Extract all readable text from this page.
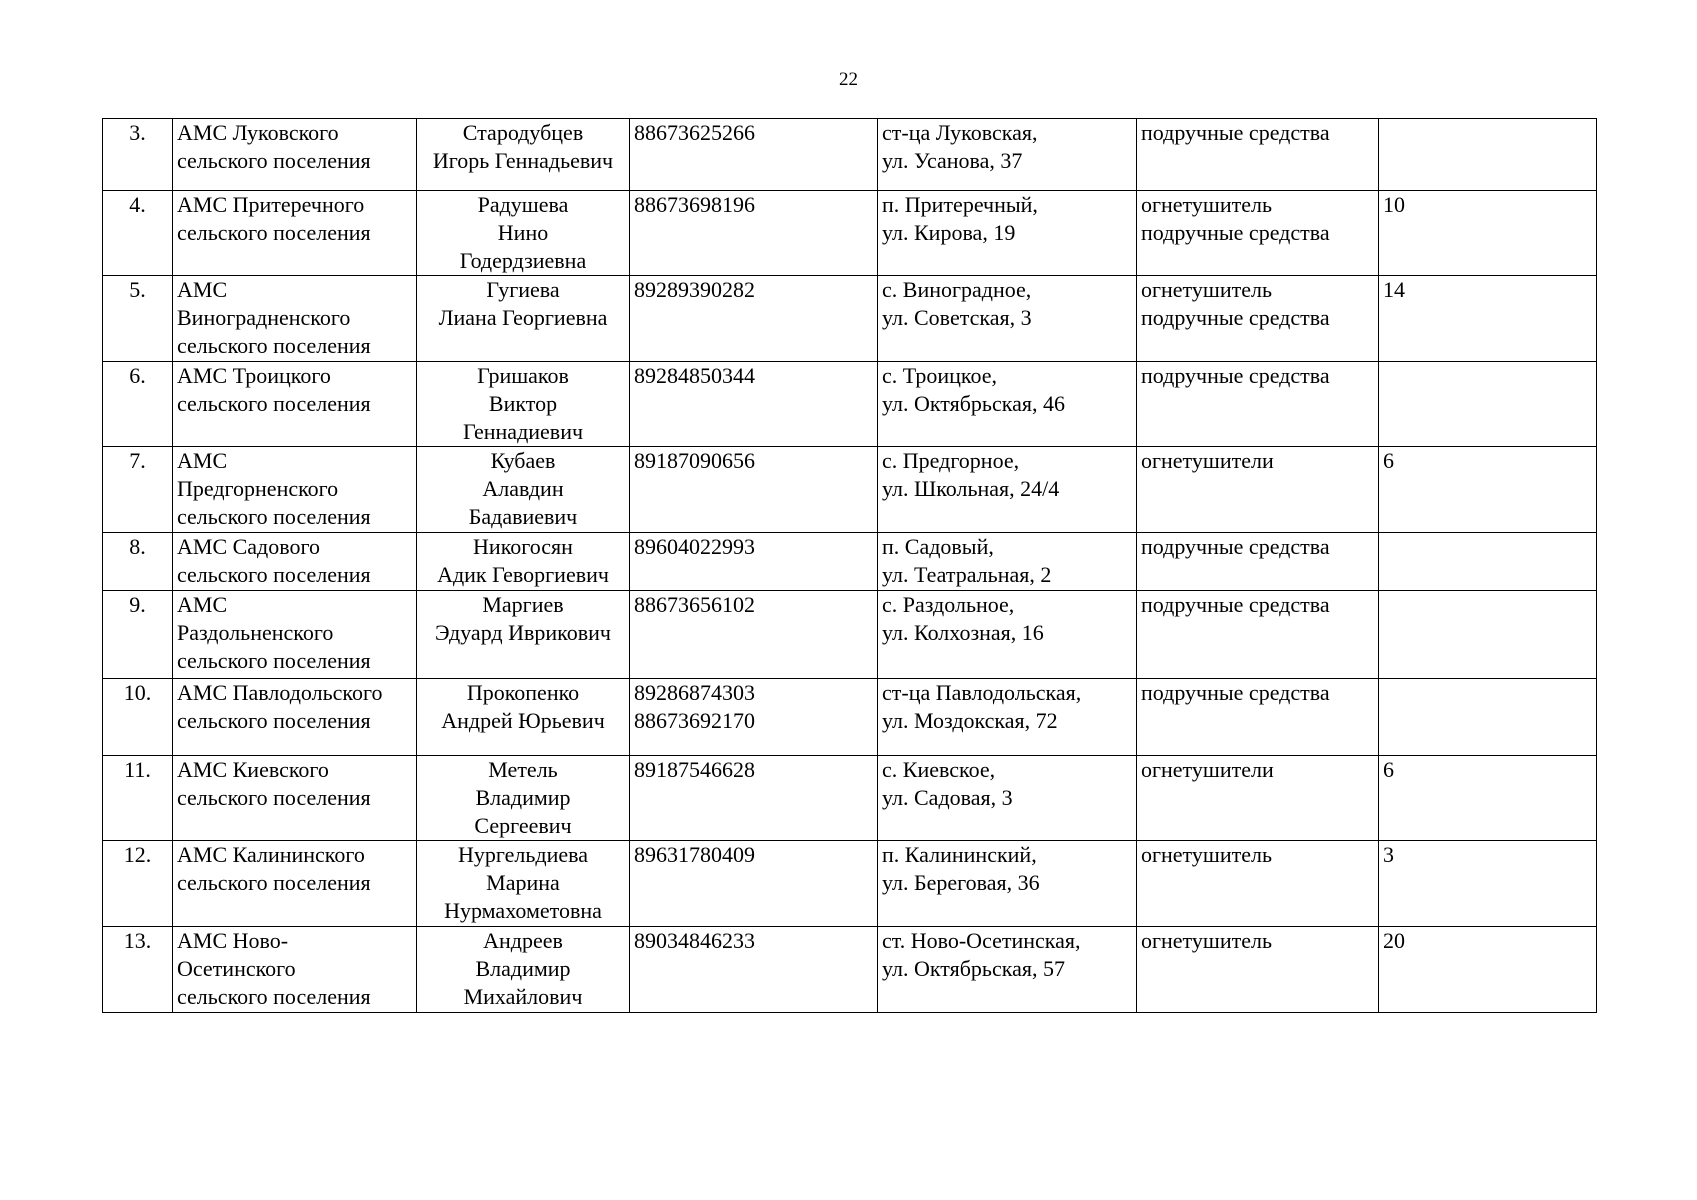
22
3.	АМС Луковского
сельского поселения	Стародубцев
Игорь Геннадьевич	88673625266	ст-ца Луковская,
ул. Усанова, 37	подручные средства	
4.	АМС Притеречного
сельского поселения	Радушева
Нино
Годердзиевна	88673698196	п. Притеречный,
ул. Кирова, 19	огнетушитель
подручные средства	10
5.	АМС
Виноградненского
сельского поселения	Гугиева
Лиана Георгиевна	89289390282	с. Виноградное,
ул. Советская, 3	огнетушитель
подручные средства	14
6.	АМС Троицкого
сельского поселения	Гришаков
Виктор
Геннадиевич	89284850344	с. Троицкое,
ул. Октябрьская, 46	подручные средства	
7.	АМС
Предгорненского
сельского поселения	Кубаев
Алавдин
Бадавиевич	89187090656	с. Предгорное,
ул. Школьная, 24/4	огнетушители	6
8.	АМС Садового
сельского поселения	Никогосян
Адик Геворгиевич	89604022993	п. Садовый,
ул. Театральная, 2	подручные средства	
9.	АМС
Раздольненского
сельского поселения	Маргиев
Эдуард Иврикович	88673656102	с. Раздольное,
ул. Колхозная, 16	подручные средства	
10.	АМС Павлодольского
сельского поселения	Прокопенко
Андрей Юрьевич	89286874303
88673692170	ст-ца Павлодольская,
ул. Моздокская, 72	подручные средства	
11.	АМС Киевского
сельского поселения	Метель
Владимир
Сергеевич	89187546628	с. Киевское,
ул. Садовая, 3	огнетушители	6
12.	АМС Калининского
сельского поселения	Нургельдиева
Марина
Нурмахометовна	89631780409	п. Калининский,
ул. Береговая, 36	огнетушитель	3
13.	АМС Ново-
Осетинского
сельского поселения	Андреев
Владимир
Михайлович	89034846233	ст. Ново-Осетинская,
ул. Октябрьская, 57	огнетушитель	20
